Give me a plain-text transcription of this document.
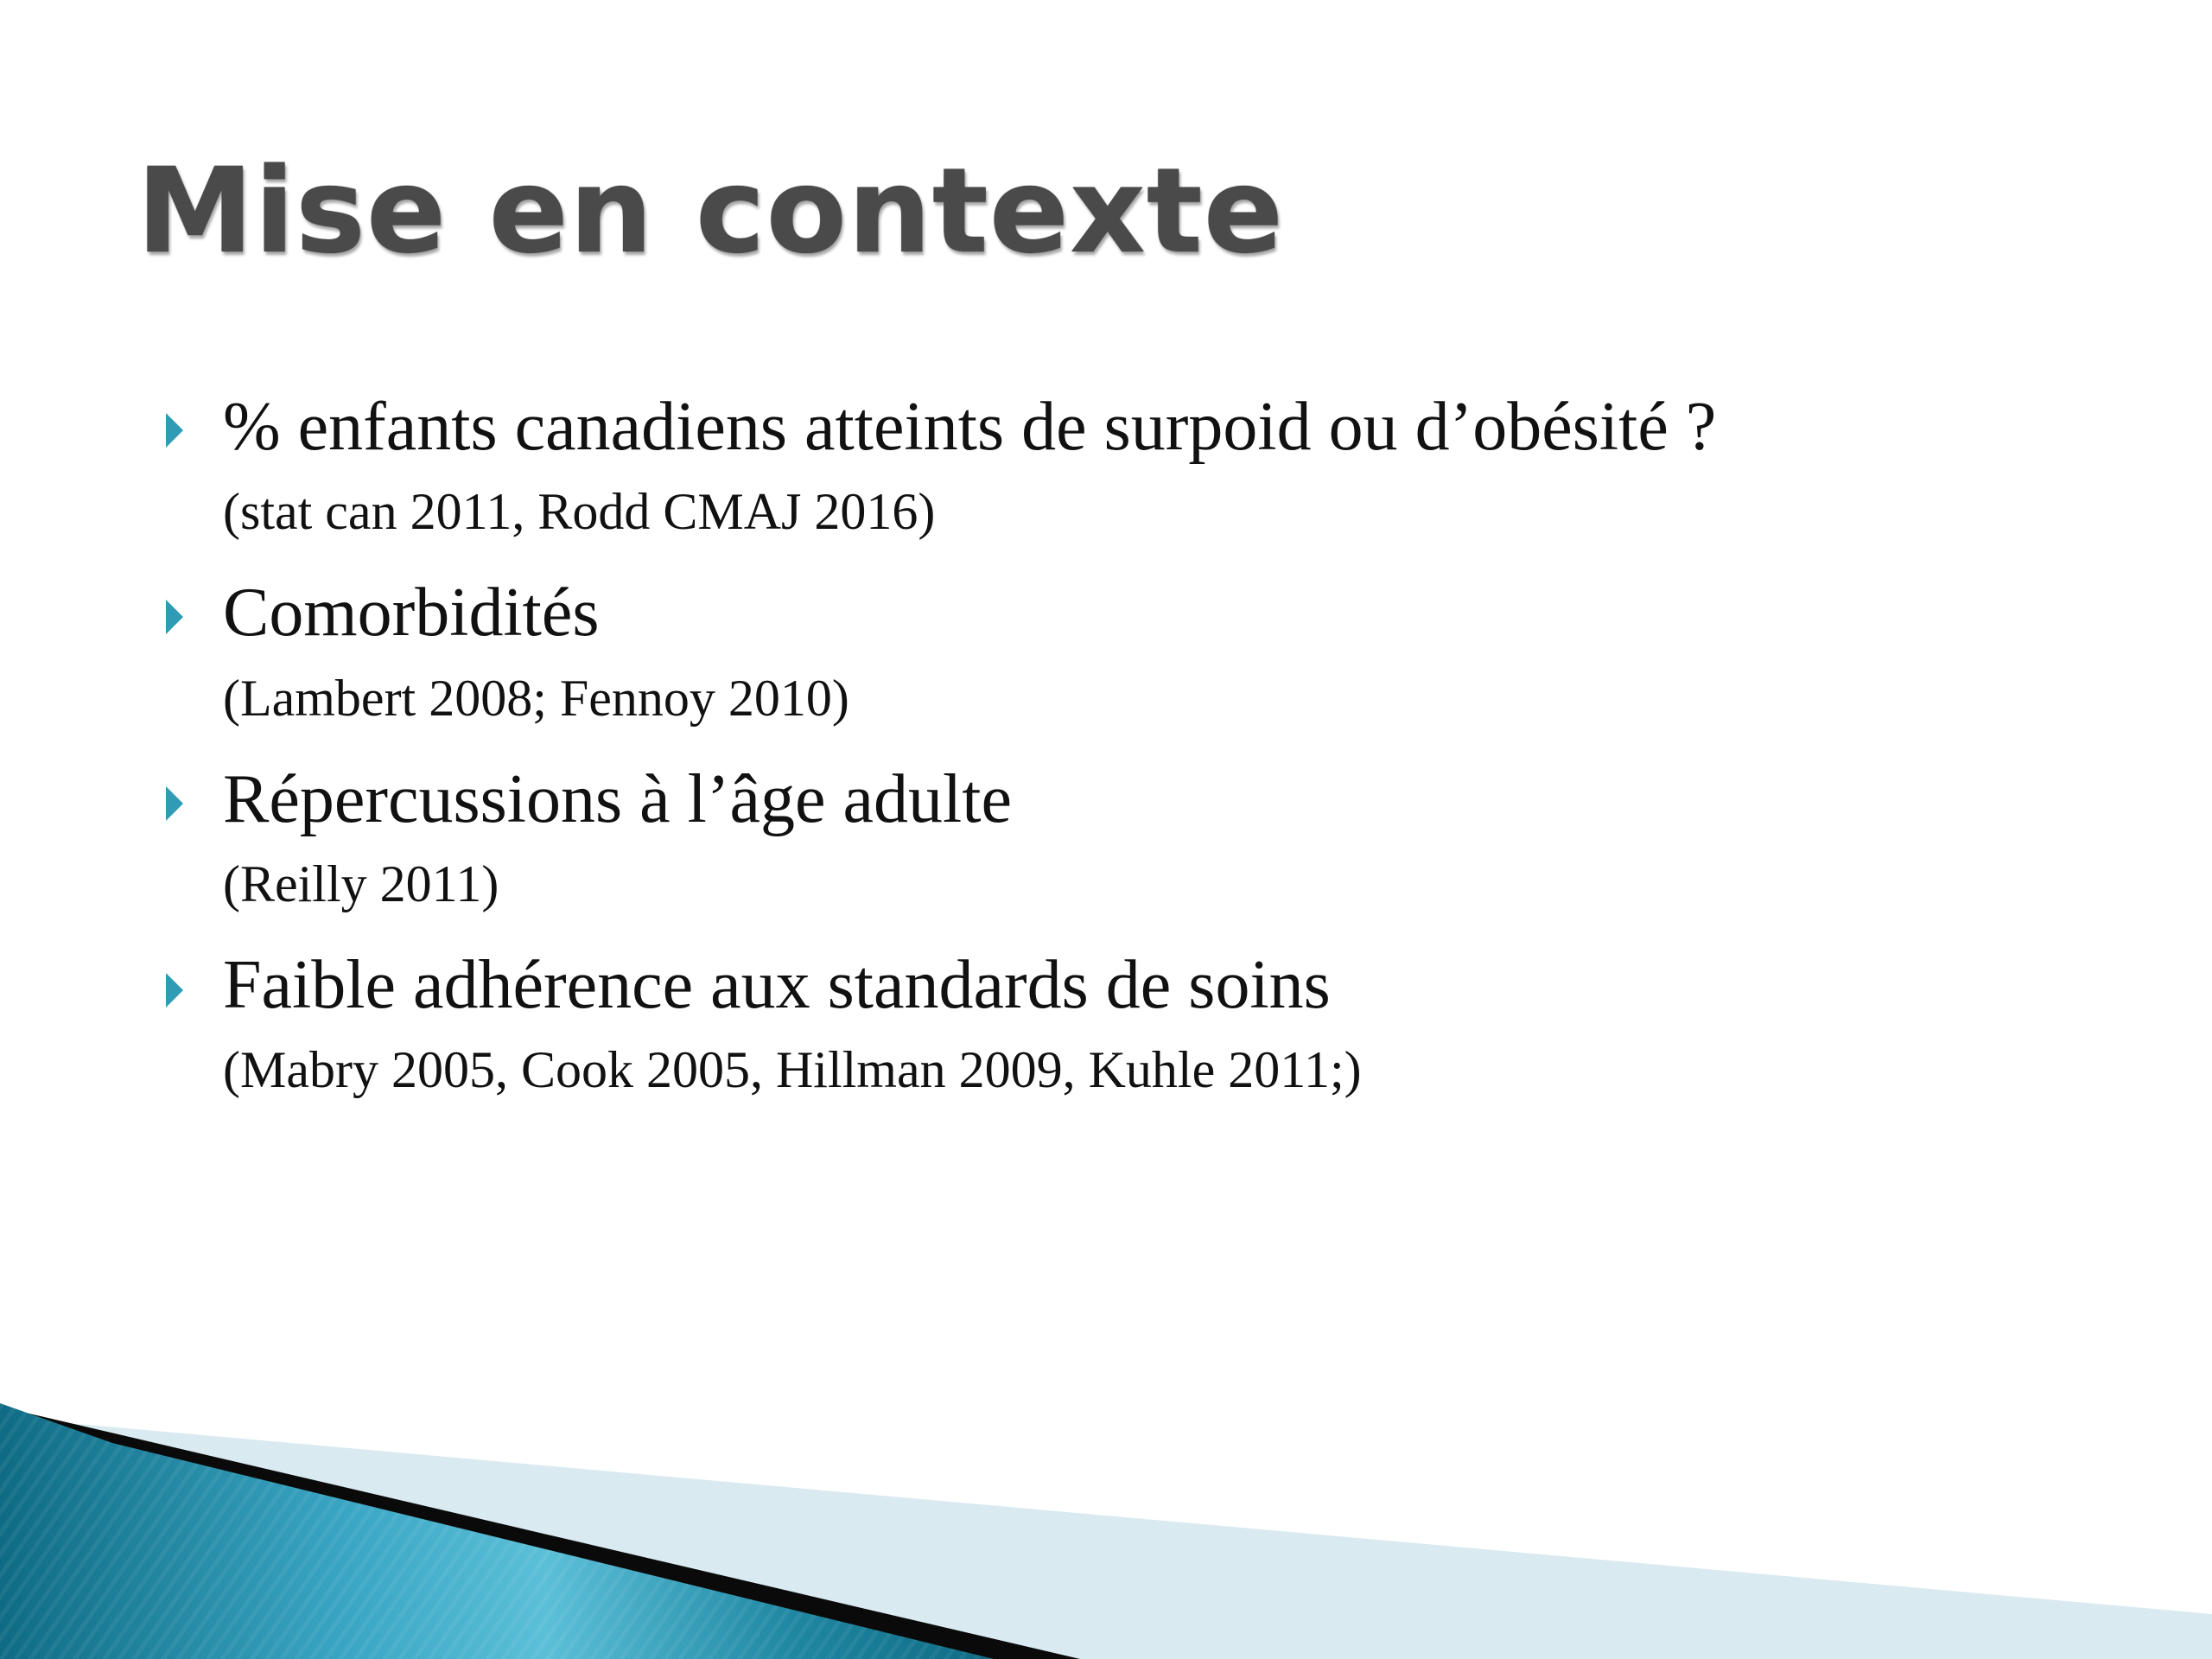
Mise en contexte
% enfants canadiens atteints de surpoid ou d’obésité ?
(stat can 2011, Rodd CMAJ 2016)
Comorbidités
(Lambert 2008; Fennoy 2010)
Répercussions à l’âge adulte
(Reilly 2011)
Faible adhérence aux standards de soins
(Mabry 2005, Cook 2005, Hillman 2009, Kuhle 2011;)
